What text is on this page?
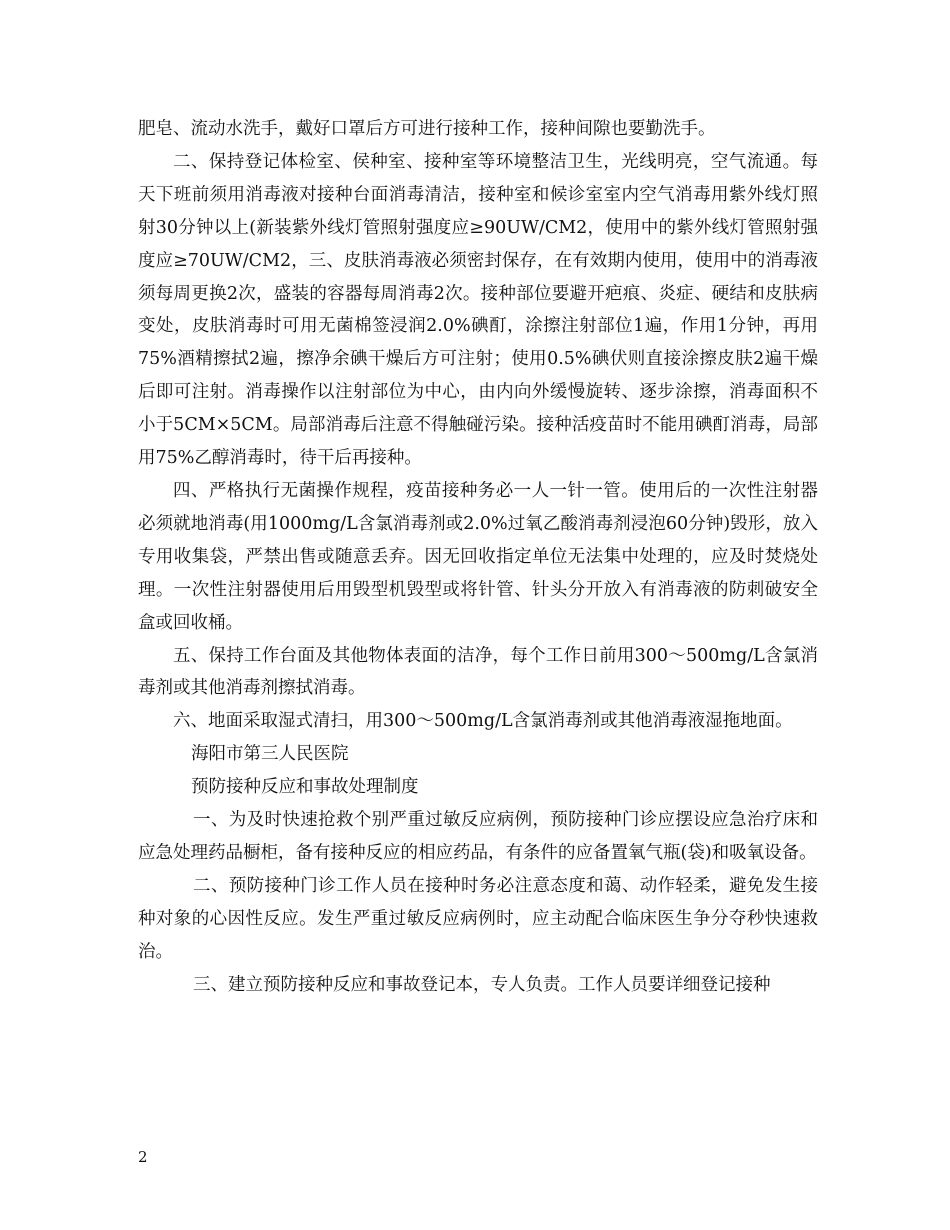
肥皂、流动水洗手，戴好口罩后方可进行接种工作，接种间隙也要勤洗手。

二、保持登记体检室、侯种室、接种室等环境整洁卫生，光线明亮，空气流通。每天下班前须用消毒液对接种台面消毒清洁，接种室和候诊室室内空气消毒用紫外线灯照射30分钟以上(新装紫外线灯管照射强度应≥90UW/CM2，使用中的紫外线灯管照射强度应≥70UW/CM2，三、皮肤消毒液必须密封保存，在有效期内使用，使用中的消毒液须每周更换2次，盛装的容器每周消毒2次。接种部位要避开疤痕、炎症、硬结和皮肤病变处，皮肤消毒时可用无菌棉签浸润2.0%碘酊，涂擦注射部位1遍，作用1分钟，再用75%酒精擦拭2遍，擦净余碘干燥后方可注射；使用0.5%碘伏则直接涂擦皮肤2遍干燥后即可注射。消毒操作以注射部位为中心，由内向外缓慢旋转、逐步涂擦，消毒面积不小于5CM×5CM。局部消毒后注意不得触碰污染。接种活疫苗时不能用碘酊消毒，局部用75%乙醇消毒时，待干后再接种。

四、严格执行无菌操作规程，疫苗接种务必一人一针一管。使用后的一次性注射器必须就地消毒(用1000mg/L含氯消毒剂或2.0%过氧乙酸消毒剂浸泡60分钟)毁形，放入专用收集袋，严禁出售或随意丢弃。因无回收指定单位无法集中处理的，应及时焚烧处理。一次性注射器使用后用毁型机毁型或将针管、针头分开放入有消毒液的防刺破安全盒或回收桶。

五、保持工作台面及其他物体表面的洁净，每个工作日前用300～500mg/L含氯消毒剂或其他消毒剂擦拭消毒。

六、地面采取湿式清扫，用300～500mg/L含氯消毒剂或其他消毒液湿拖地面。

海阳市第三人民医院

预防接种反应和事故处理制度

一、为及时快速抢救个别严重过敏反应病例，预防接种门诊应摆设应急治疗床和应急处理药品橱柜，备有接种反应的相应药品，有条件的应备置氧气瓶(袋)和吸氧设备。

二、预防接种门诊工作人员在接种时务必注意态度和蔼、动作轻柔，避免发生接种对象的心因性反应。发生严重过敏反应病例时，应主动配合临床医生争分夺秒快速救治。

三、建立预防接种反应和事故登记本，专人负责。工作人员要详细登记接种

2
